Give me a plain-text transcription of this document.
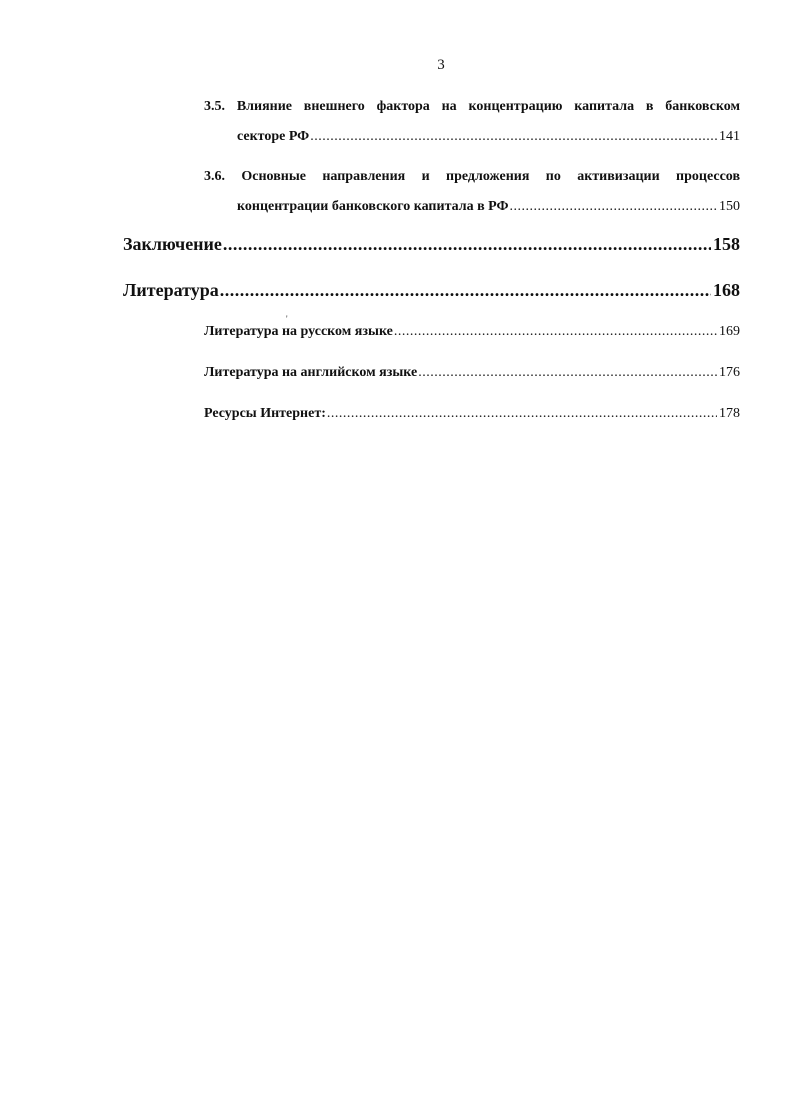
3
3.5. Влияние внешнего фактора на концентрацию капитала в банковском
секторе РФ .....	141
3.6. Основные направления и предложения по активизации процессов
концентрации банковского капитала в РФ .....	150
Заключение .....	158
Литература .....	168
'
Литература на русском языке .....	169
Литература на английском языке .....	176
Ресурсы Интернет: .....	178
